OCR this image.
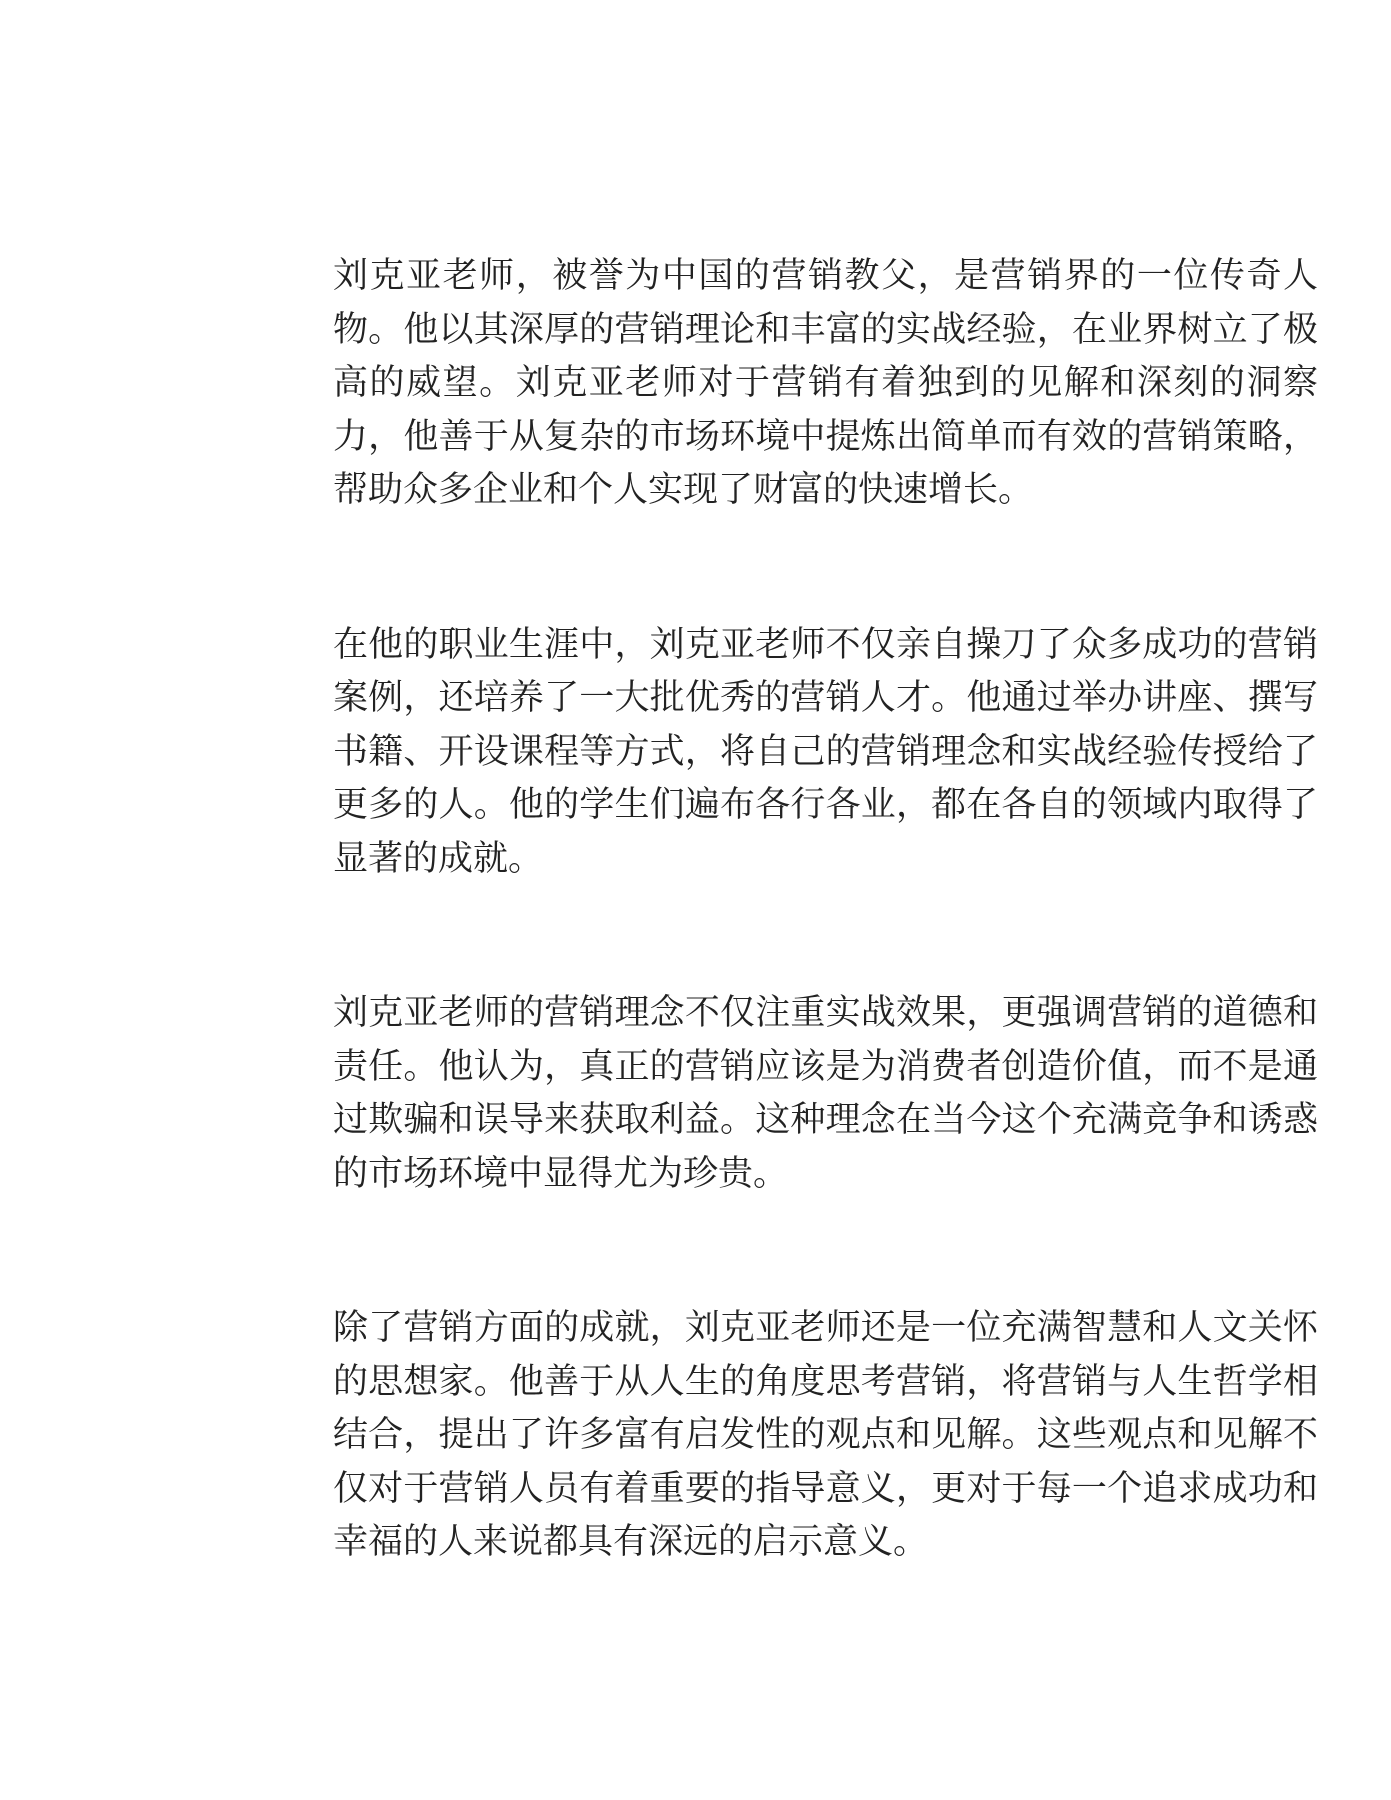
刘克亚老师，被誉为中国的营销教父，是营销界的一位传奇人物。他以其深厚的营销理论和丰富的实战经验，在业界树立了极高的威望。刘克亚老师对于营销有着独到的见解和深刻的洞察力，他善于从复杂的市场环境中提炼出简单而有效的营销策略，帮助众多企业和个人实现了财富的快速增长。

在他的职业生涯中，刘克亚老师不仅亲自操刀了众多成功的营销案例，还培养了一大批优秀的营销人才。他通过举办讲座、撰写书籍、开设课程等方式，将自己的营销理念和实战经验传授给了更多的人。他的学生们遍布各行各业，都在各自的领域内取得了显著的成就。

刘克亚老师的营销理念不仅注重实战效果，更强调营销的道德和责任。他认为，真正的营销应该是为消费者创造价值，而不是通过欺骗和误导来获取利益。这种理念在当今这个充满竞争和诱惑的市场环境中显得尤为珍贵。

除了营销方面的成就，刘克亚老师还是一位充满智慧和人文关怀的思想家。他善于从人生的角度思考营销，将营销与人生哲学相结合，提出了许多富有启发性的观点和见解。这些观点和见解不仅对于营销人员有着重要的指导意义，更对于每一个追求成功和幸福的人来说都具有深远的启示意义。
